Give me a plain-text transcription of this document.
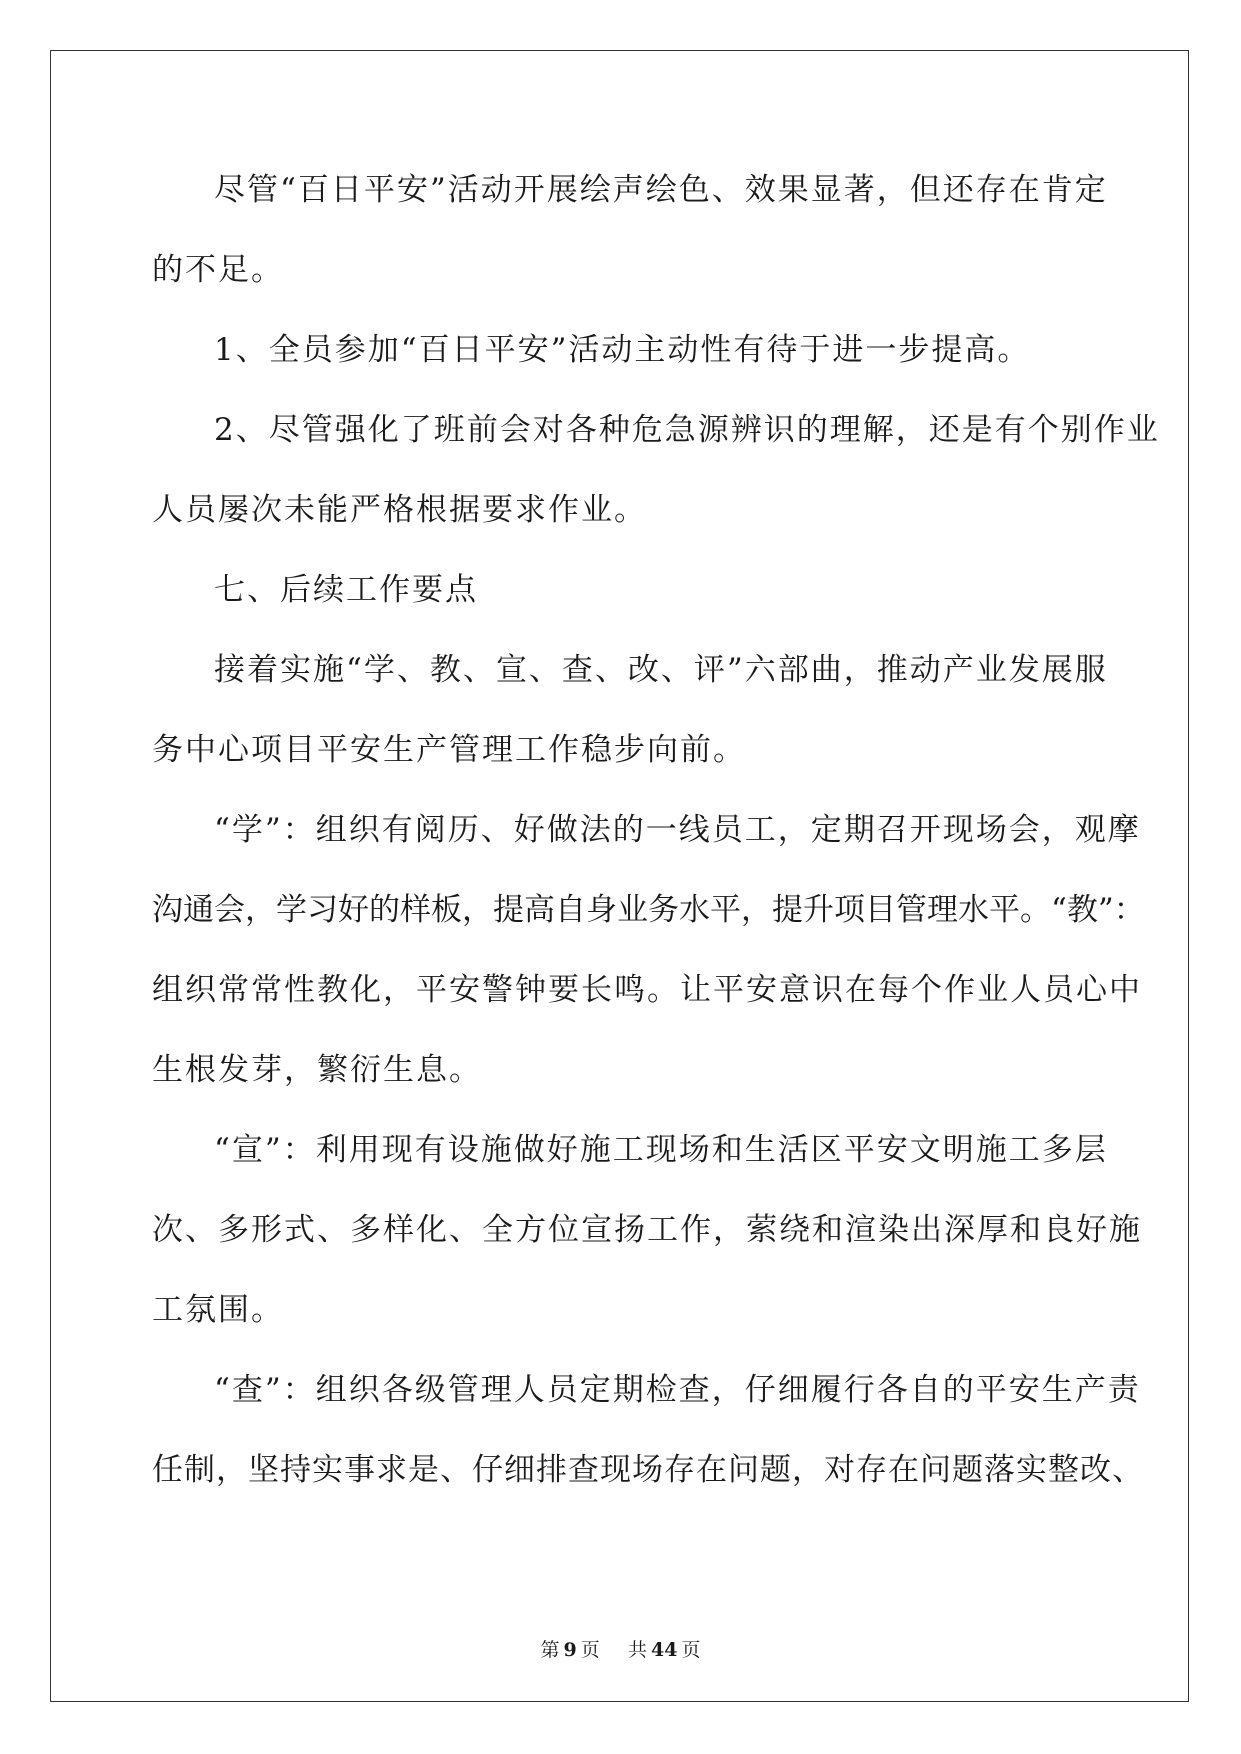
尽管“百日平安”活动开展绘声绘色、效果显著，但还存在肯定
的不足。
1、全员参加“百日平安”活动主动性有待于进一步提高。
2、尽管强化了班前会对各种危急源辨识的理解，还是有个别作业
人员屡次未能严格根据要求作业。
七、后续工作要点
接着实施“学、教、宣、查、改、评”六部曲，推动产业发展服
务中心项目平安生产管理工作稳步向前。
“学”：组织有阅历、好做法的一线员工，定期召开现场会，观摩
沟通会，学习好的样板，提高自身业务水平，提升项目管理水平。“教”：
组织常常性教化，平安警钟要长鸣。让平安意识在每个作业人员心中
生根发芽，繁衍生息。
“宣”：利用现有设施做好施工现场和生活区平安文明施工多层
次、多形式、多样化、全方位宣扬工作，萦绕和渲染出深厚和良好施
工氛围。
“查”：组织各级管理人员定期检查，仔细履行各自的平安生产责
任制，坚持实事求是、仔细排查现场存在问题，对存在问题落实整改、
第 9 页 共 44 页
